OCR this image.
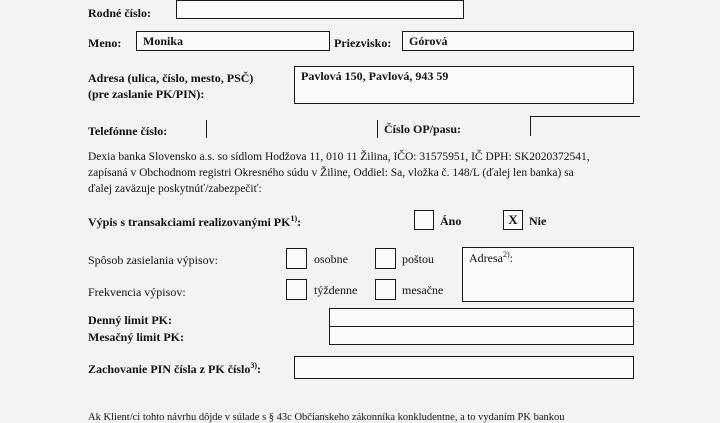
Rodné číslo:
Meno: Monika	Priezvisko: Górová
Adresa (ulica, číslo, mesto, PSČ)
(pre zaslanie PK/PIN):
Pavlová 150, Pavlová, 943 59
Telefónne číslo:	Číslo OP/pasu:
Dexia banka Slovensko a.s. so sídlom Hodžova 11, 010 11 Žilina, IČO: 31575951, IČ DPH: SK2020372541,
zapísaná v Obchodnom registri Okresného súdu v Žiline, Oddiel: Sa, vložka č. 148/L (ďalej len banka) sa
ďalej zaväzuje poskytnúť/zabezpečiť:
Výpis s transakciami realizovanými PK$^{1)}$:	Áno	X Nie
Spôsob zasielania výpisov:	osobne	poštou	Adresa$^{2)}$:
Frekvencia výpisov:	týždenne	mesačne
Denný limit PK:
Mesačný limit PK:
Zachovanie PIN čísla z PK číslo$^{3)}$:
Ak Klient/ci tohto návrhu dôjde v súlade s § 43c Občianskeho zákonníka konkludentne, a to vydaním PK bankou
